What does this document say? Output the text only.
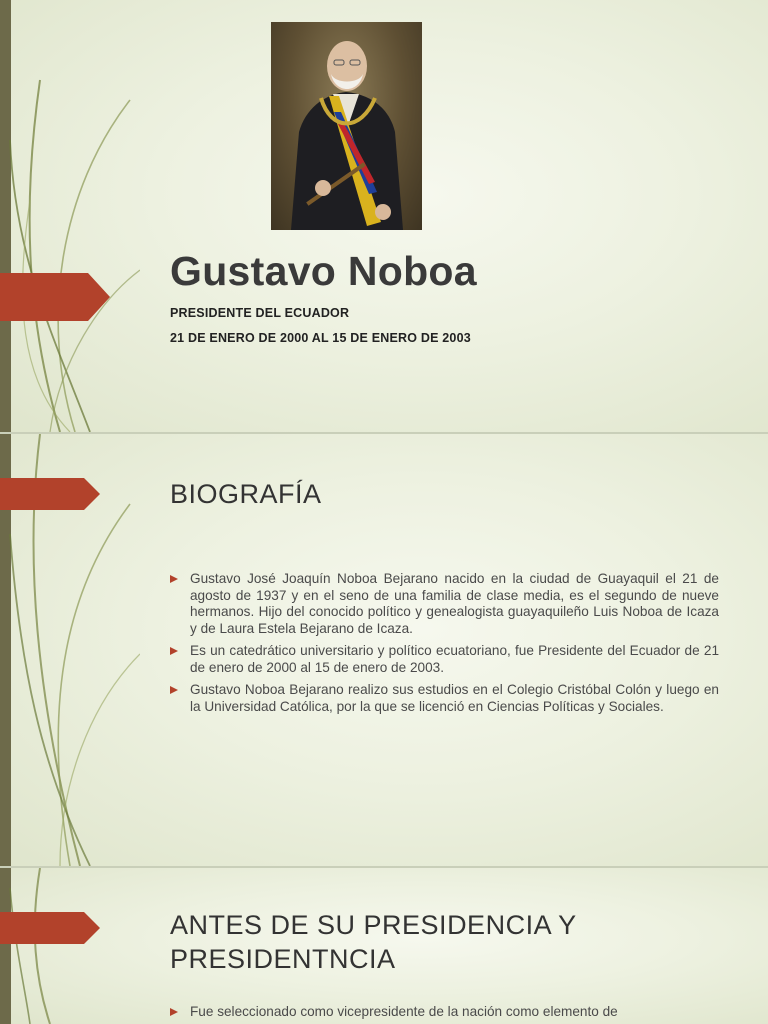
Gustavo Noboa
PRESIDENTE DEL ECUADOR
21 DE ENERO DE 2000 AL 15 DE ENERO DE 2003
BIOGRAFÍA
Gustavo José Joaquín Noboa Bejarano nacido en la ciudad de Guayaquil el 21 de agosto de 1937 y en el seno de una familia de clase media, es el segundo de nueve hermanos. Hijo del conocido político y genealogista guayaquileño Luis Noboa de Icaza y de Laura Estela Bejarano de Icaza.
Es un catedrático universitario y político ecuatoriano, fue Presidente del Ecuador de 21 de enero de 2000 al 15 de enero de 2003.
Gustavo Noboa Bejarano realizo sus estudios en el Colegio Cristóbal Colón y luego en la Universidad Católica, por la que se licenció en Ciencias Políticas y Sociales.
ANTES DE SU PRESIDENCIA Y
PRESIDENTNCIA
Fue seleccionado como vicepresidente de la nación como elemento de
